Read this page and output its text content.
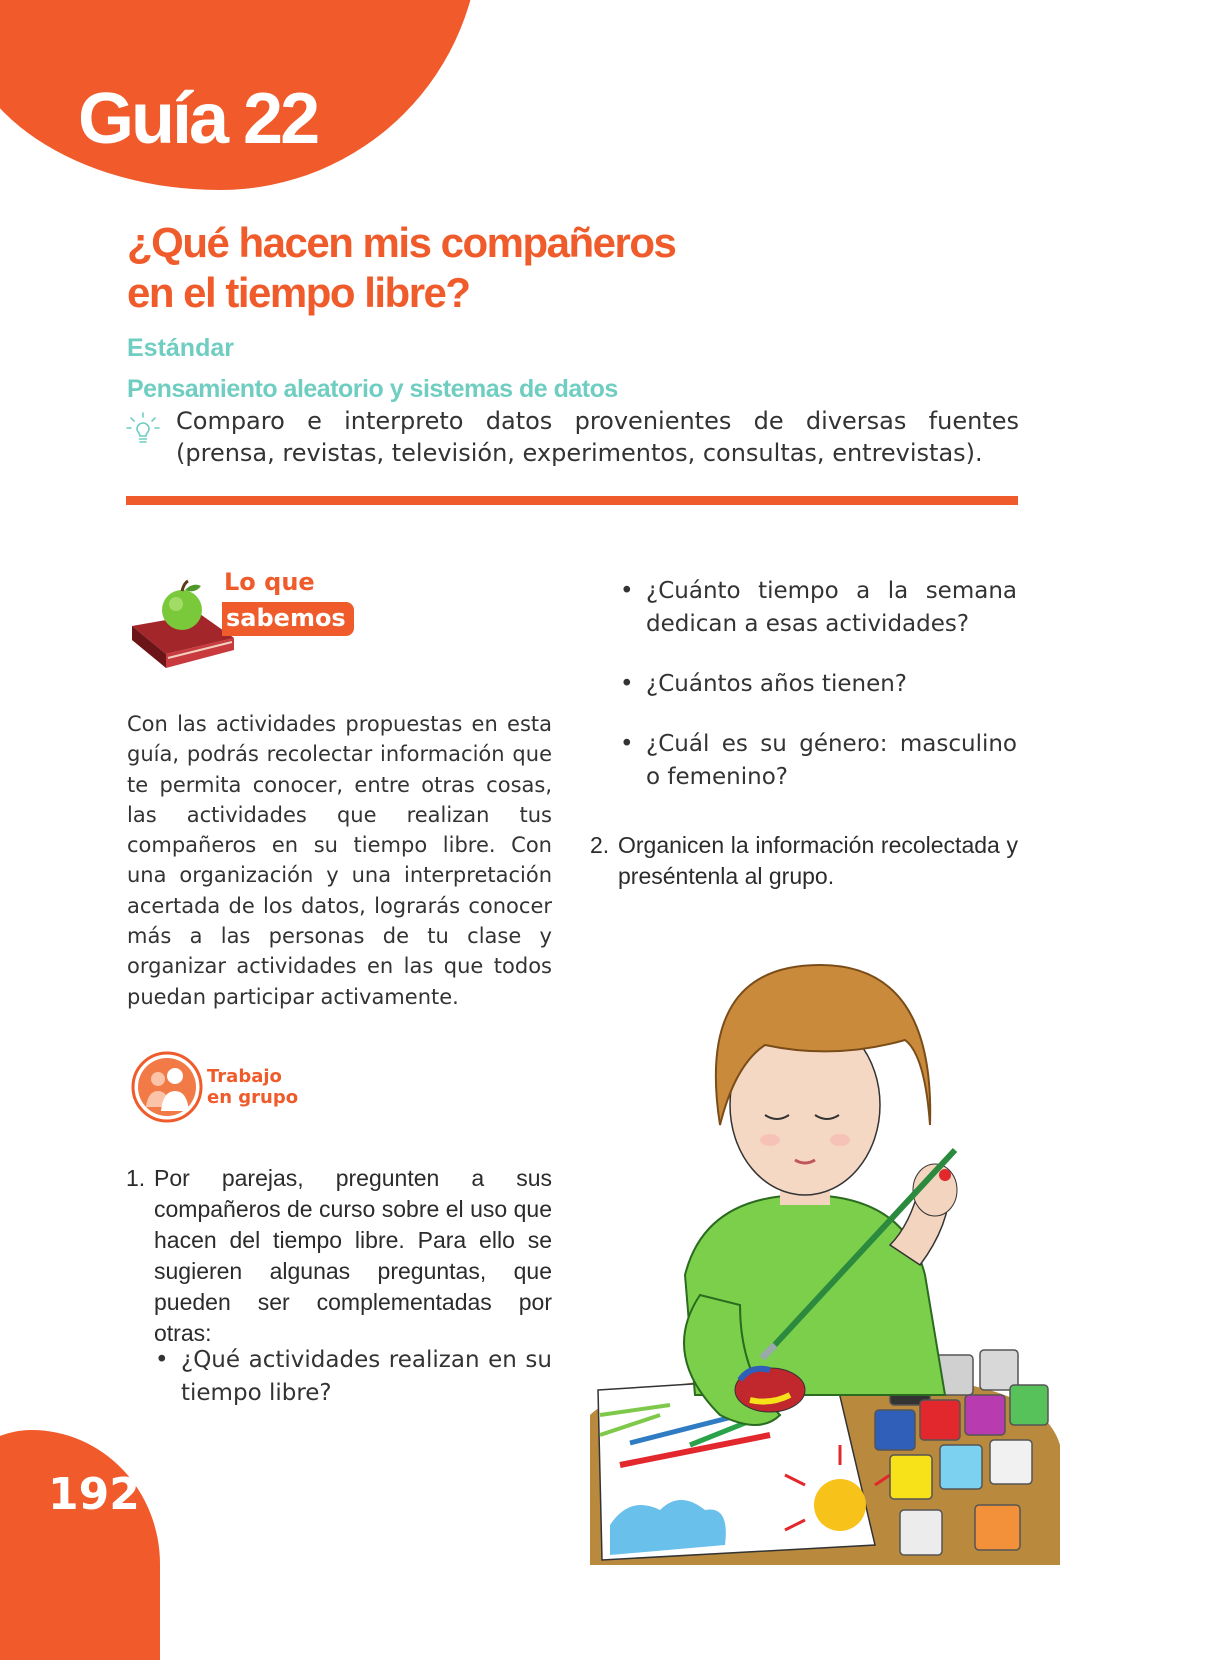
Guía 22
¿Qué hacen mis compañeros
en el tiempo libre?
Estándar
Pensamiento aleatorio y sistemas de datos

Comparo e interpreto datos provenientes de diversas fuentes (prensa, revistas, televisión, experimentos, consultas, entrevistas).

Lo que
sabemos

Con las actividades propuestas en esta guía, podrás recolectar información que te permita conocer, entre otras cosas, las actividades que realizan tus compañeros en su tiempo libre. Con una organización y una interpretación acertada de los datos, lograrás conocer más a las personas de tu clase y organizar actividades en las que todos puedan participar activamente.

Trabajo
en grupo

1. Por parejas, pregunten a sus compañeros de curso sobre el uso que hacen del tiempo libre. Para ello se sugieren algunas preguntas, que pueden ser complementadas por otras:

• ¿Qué actividades realizan en su tiempo libre?

• ¿Cuánto tiempo a la semana dedican a esas actividades?

• ¿Cuántos años tienen?

• ¿Cuál es su género: masculino o femenino?

2. Organicen la información recolectada y preséntenla al grupo.

192
